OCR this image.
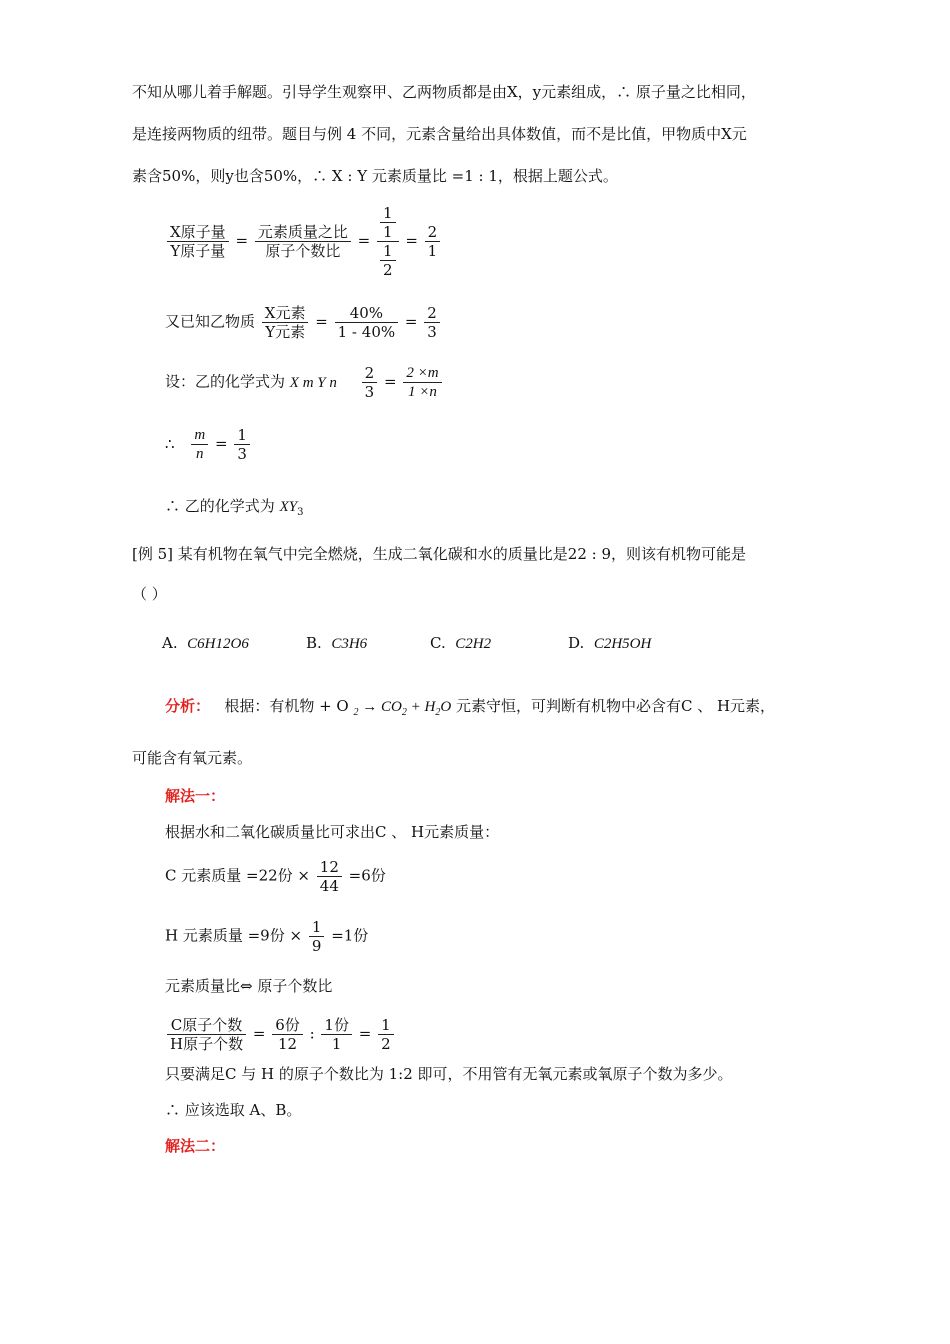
不知从哪儿着手解题。引导学生观察甲、乙两物质都是由X，y元素组成，∴ 原子量之比相同，
是连接两物质的纽带。题目与例 4 不同，元素含量给出具体数值，而不是比值，甲物质中X元
素含50%，则y也含50%，∴ X : Y 元素质量比 =1 : 1，根据上题公式。
$\frac{\text{X原子量}}{\text{Y原子量}} = \frac{\text{元素质量之比}}{\text{原子个数比}} = \frac{\frac{1}{1}}{\frac{1}{2}} = \frac{2}{1}$
又已知乙物质 $\frac{\text{X元素}}{\text{Y元素}} = \frac{40\%}{1 - 40\%} = \frac{2}{3}$
设：乙的化学式为 X m Y n $\frac{2}{3} = \frac{2 \times m}{1 \times n}$
∴ $\frac{m}{n} = \frac{1}{3}$
∴ 乙的化学式为 $XY_3$
[例 5] 某有机物在氧气中完全燃烧，生成二氧化碳和水的质量比是22 : 9，则该有机物可能是
（ ）
A. C6H12O6	B. C3H6	C. C2H2	D. C2H5OH
分析： 根据：有机物 + O $_2 \to CO_2 + H_2O$ 元素守恒，可判断有机物中必含有C 、 H元素，
可能含有氧元素。
解法一：
根据水和二氧化碳质量比可求出C 、 H元素质量：
C 元素质量 =22份 × $\frac{12}{44} =6$份
H 元素质量 =9份 × $\frac{1}{9} =1$份
元素质量比⇔ 原子个数比
$\frac{\text{C原子个数}}{\text{H原子个数}} = \frac{\text{6份}}{12}$ : $\frac{\text{1份}}{1} = \frac{1}{2}$
只要满足C 与 H 的原子个数比为 1:2 即可，不用管有无氧元素或氧原子个数为多少。
∴ 应该选取 A、B。
解法二：
